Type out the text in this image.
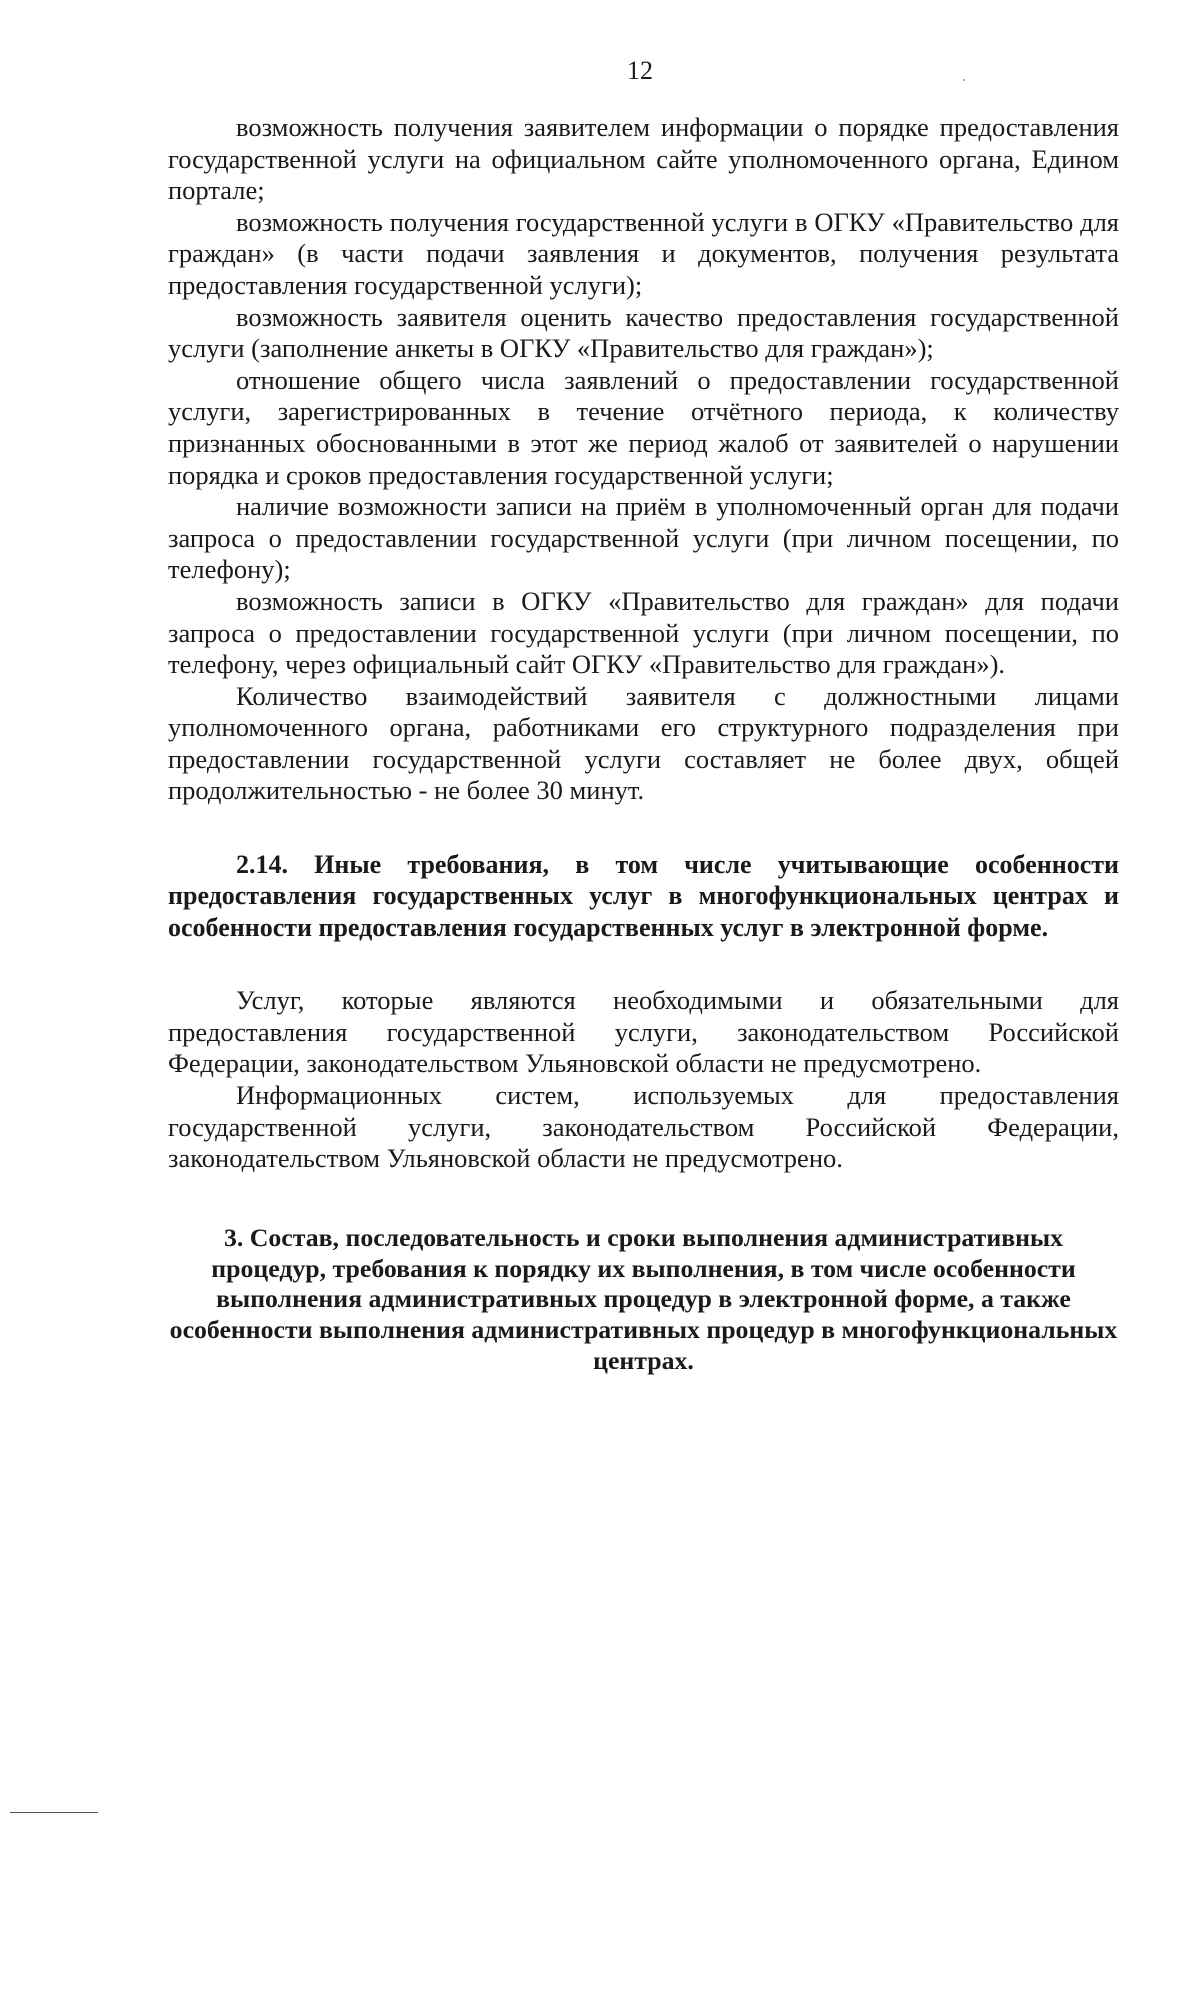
12

возможность получения заявителем информации о порядке предоставления государственной услуги на официальном сайте уполномоченного органа, Едином портале;

возможность получения государственной услуги в ОГКУ «Правительство для граждан» (в части подачи заявления и документов, получения результата предоставления государственной услуги);

возможность заявителя оценить качество предоставления государственной услуги (заполнение анкеты в ОГКУ «Правительство для граждан»);

отношение общего числа заявлений о предоставлении государственной услуги, зарегистрированных в течение отчётного периода, к количеству признанных обоснованными в этот же период жалоб от заявителей о нарушении порядка и сроков предоставления государственной услуги;

наличие возможности записи на приём в уполномоченный орган для подачи запроса о предоставлении государственной услуги (при личном посещении, по телефону);

возможность записи в ОГКУ «Правительство для граждан» для подачи запроса о предоставлении государственной услуги (при личном посещении, по телефону, через официальный сайт ОГКУ «Правительство для граждан»).

Количество взаимодействий заявителя с должностными лицами уполномоченного органа, работниками его структурного подразделения при предоставлении государственной услуги составляет не более двух, общей продолжительностью - не более 30 минут.

2.14. Иные требования, в том числе учитывающие особенности предоставления государственных услуг в многофункциональных центрах и особенности предоставления государственных услуг в электронной форме.

Услуг, которые являются необходимыми и обязательными для предоставления государственной услуги, законодательством Российской Федерации, законодательством Ульяновской области не предусмотрено.

Информационных систем, используемых для предоставления государственной услуги, законодательством Российской Федерации, законодательством Ульяновской области не предусмотрено.

3. Состав, последовательность и сроки выполнения административных процедур, требования к порядку их выполнения, в том числе особенности выполнения административных процедур в электронной форме, а также особенности выполнения административных процедур в многофункциональных центрах.
